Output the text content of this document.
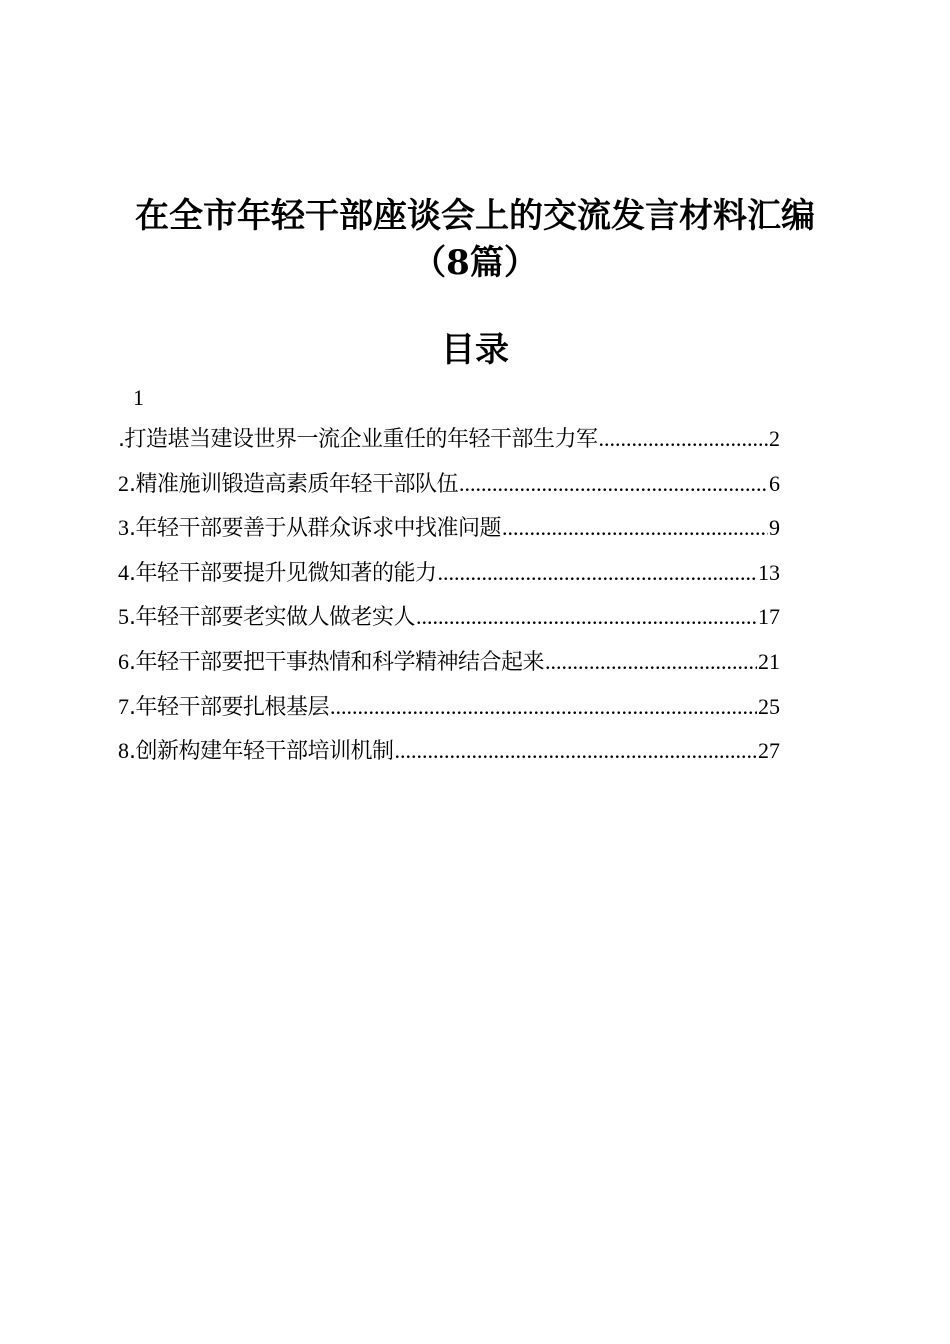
在全市年轻干部座谈会上的交流发言材料汇编
（8篇）
目录
1
.打造堪当建设世界一流企业重任的年轻干部生力军 .....	2
2.精准施训锻造高素质年轻干部队伍 .....	6
3.年轻干部要善于从群众诉求中找准问题 .....	9
4.年轻干部要提升见微知著的能力 .....	13
5.年轻干部要老实做人做老实人 .....	17
6.年轻干部要把干事热情和科学精神结合起来 .....	21
7.年轻干部要扎根基层 .....	25
8.创新构建年轻干部培训机制 .....	27
